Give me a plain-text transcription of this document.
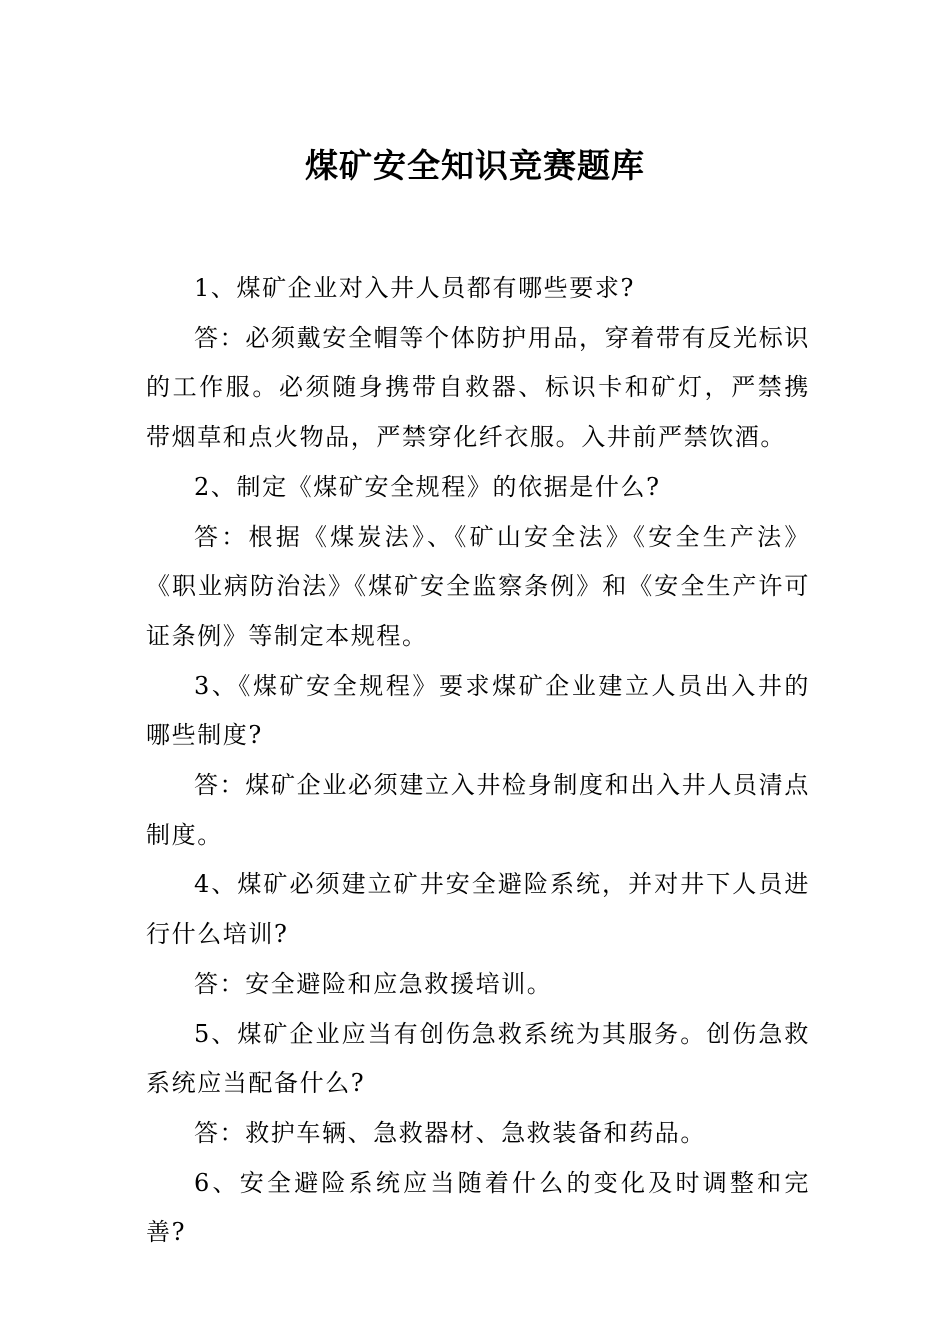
煤矿安全知识竞赛题库

1、煤矿企业对入井人员都有哪些要求?

答：必须戴安全帽等个体防护用品，穿着带有反光标识的工作服。必须随身携带自救器、标识卡和矿灯，严禁携带烟草和点火物品，严禁穿化纤衣服。入井前严禁饮酒。

2、制定《煤矿安全规程》的依据是什么?

答：根据《煤炭法》、《矿山安全法》《安全生产法》《职业病防治法》《煤矿安全监察条例》和《安全生产许可证条例》等制定本规程。

3、《煤矿安全规程》要求煤矿企业建立人员出入井的哪些制度?

答：煤矿企业必须建立入井检身制度和出入井人员清点制度。

4、煤矿必须建立矿井安全避险系统，并对井下人员进行什么培训?

答：安全避险和应急救援培训。

5、煤矿企业应当有创伤急救系统为其服务。创伤急救系统应当配备什么?

答：救护车辆、急救器材、急救装备和药品。

6、安全避险系统应当随着什么的变化及时调整和完善?
